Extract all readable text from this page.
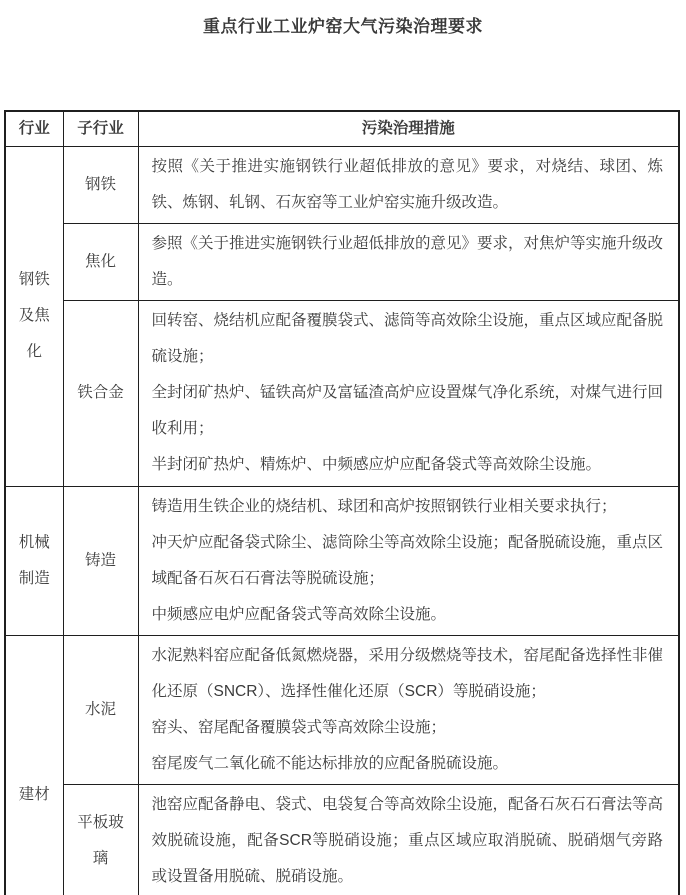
重点行业工业炉窑大气污染治理要求
行业	子行业	污染治理措施
钢铁及焦化	钢铁	按照《关于推进实施钢铁行业超低排放的意见》要求，对烧结、球团、炼铁、炼钢、轧钢、石灰窑等工业炉窑实施升级改造。

	焦化	参照《关于推进实施钢铁行业超低排放的意见》要求，对焦炉等实施升级改造。

	铁合金	回转窑、烧结机应配备覆膜袋式、滤筒等高效除尘设施，重点区域应配备脱硫设施；
全封闭矿热炉、锰铁高炉及富锰渣高炉应设置煤气净化系统，对煤气进行回收利用；
半封闭矿热炉、精炼炉、中频感应炉应配备袋式等高效除尘设施。

机械制造	铸造	铸造用生铁企业的烧结机、球团和高炉按照钢铁行业相关要求执行；
冲天炉应配备袋式除尘、滤筒除尘等高效除尘设施；配备脱硫设施，重点区域配备石灰石石膏法等脱硫设施；
中频感应电炉应配备袋式等高效除尘设施。

建材	水泥	水泥熟料窑应配备低氮燃烧器，采用分级燃烧等技术，窑尾配备选择性非催化还原（SNCR）、选择性催化还原（SCR）等脱硝设施；
窑头、窑尾配备覆膜袋式等高效除尘设施；
窑尾废气二氧化硫不能达标排放的应配备脱硫设施。

	平板玻璃	池窑应配备静电、袋式、电袋复合等高效除尘设施，配备石灰石石膏法等高效脱硫设施，配备SCR等脱硝设施；重点区域应取消脱硫、脱硝烟气旁路或设置备用脱硫、脱硝设施。
